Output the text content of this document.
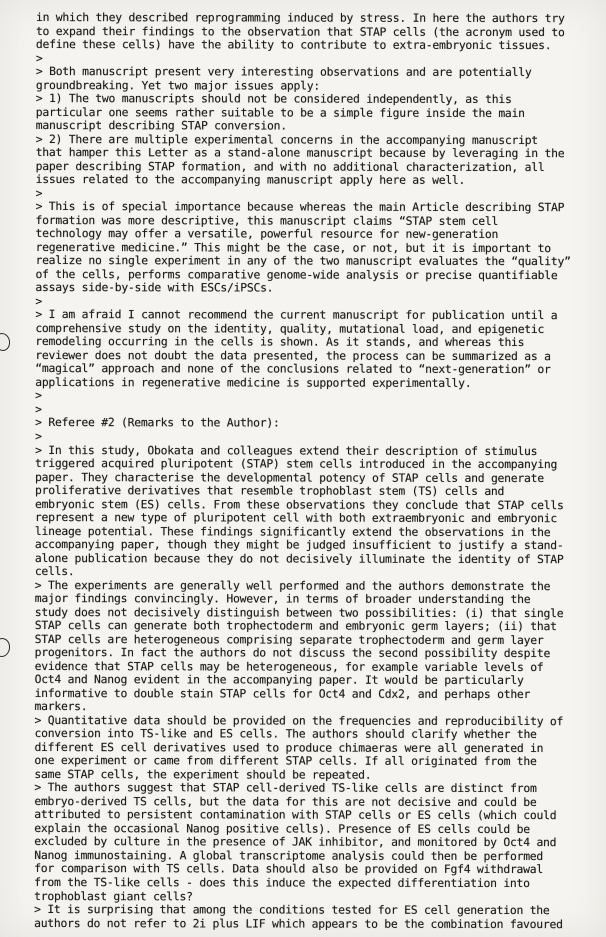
in which they described reprogramming induced by stress. In here the authors try
to expand their findings to the observation that STAP cells (the acronym used to
define these cells) have the ability to contribute to extra-embryonic tissues.
>
> Both manuscript present very interesting observations and are potentially
groundbreaking. Yet two major issues apply:
> 1) The two manuscripts should not be considered independently, as this
particular one seems rather suitable to be a simple figure inside the main
manuscript describing STAP conversion.
> 2) There are multiple experimental concerns in the accompanying manuscript
that hamper this Letter as a stand-alone manuscript because by leveraging in the
paper describing STAP formation, and with no additional characterization, all
issues related to the accompanying manuscript apply here as well.
>
> This is of special importance because whereas the main Article describing STAP
formation was more descriptive, this manuscript claims “STAP stem cell
technology may offer a versatile, powerful resource for new-generation
regenerative medicine.” This might be the case, or not, but it is important to
realize no single experiment in any of the two manuscript evaluates the “quality”
of the cells, performs comparative genome-wide analysis or precise quantifiable
assays side-by-side with ESCs/iPSCs.
>
> I am afraid I cannot recommend the current manuscript for publication until a
comprehensive study on the identity, quality, mutational load, and epigenetic
remodeling occurring in the cells is shown. As it stands, and whereas this
reviewer does not doubt the data presented, the process can be summarized as a
“magical” approach and none of the conclusions related to “next-generation” or
applications in regenerative medicine is supported experimentally.
>
>
> Referee #2 (Remarks to the Author):
>
> In this study, Obokata and colleagues extend their description of stimulus
triggered acquired pluripotent (STAP) stem cells introduced in the accompanying
paper. They characterise the developmental potency of STAP cells and generate
proliferative derivatives that resemble trophoblast stem (TS) cells and
embryonic stem (ES) cells. From these observations they conclude that STAP cells
represent a new type of pluripotent cell with both extraembryonic and embryonic
lineage potential. These findings significantly extend the observations in the
accompanying paper, though they might be judged insufficient to justify a stand-
alone publication because they do not decisively illuminate the identity of STAP
cells.
> The experiments are generally well performed and the authors demonstrate the
major findings convincingly. However, in terms of broader understanding the
study does not decisively distinguish between two possibilities: (i) that single
STAP cells can generate both trophectoderm and embryonic germ layers; (ii) that
STAP cells are heterogeneous comprising separate trophectoderm and germ layer
progenitors. In fact the authors do not discuss the second possibility despite
evidence that STAP cells may be heterogeneous, for example variable levels of
Oct4 and Nanog evident in the accompanying paper. It would be particularly
informative to double stain STAP cells for Oct4 and Cdx2, and perhaps other
markers.
> Quantitative data should be provided on the frequencies and reproducibility of
conversion into TS-like and ES cells. The authors should clarify whether the
different ES cell derivatives used to produce chimaeras were all generated in
one experiment or came from different STAP cells. If all originated from the
same STAP cells, the experiment should be repeated.
> The authors suggest that STAP cell-derived TS-like cells are distinct from
embryo-derived TS cells, but the data for this are not decisive and could be
attributed to persistent contamination with STAP cells or ES cells (which could
explain the occasional Nanog positive cells). Presence of ES cells could be
excluded by culture in the presence of JAK inhibitor, and monitored by Oct4 and
Nanog immunostaining. A global transcriptome analysis could then be performed
for comparison with TS cells. Data should also be provided on Fgf4 withdrawal
from the TS-like cells - does this induce the expected differentiation into
trophoblast giant cells?
> It is surprising that among the conditions tested for ES cell generation the
authors do not refer to 2i plus LIF which appears to be the combination favoured
